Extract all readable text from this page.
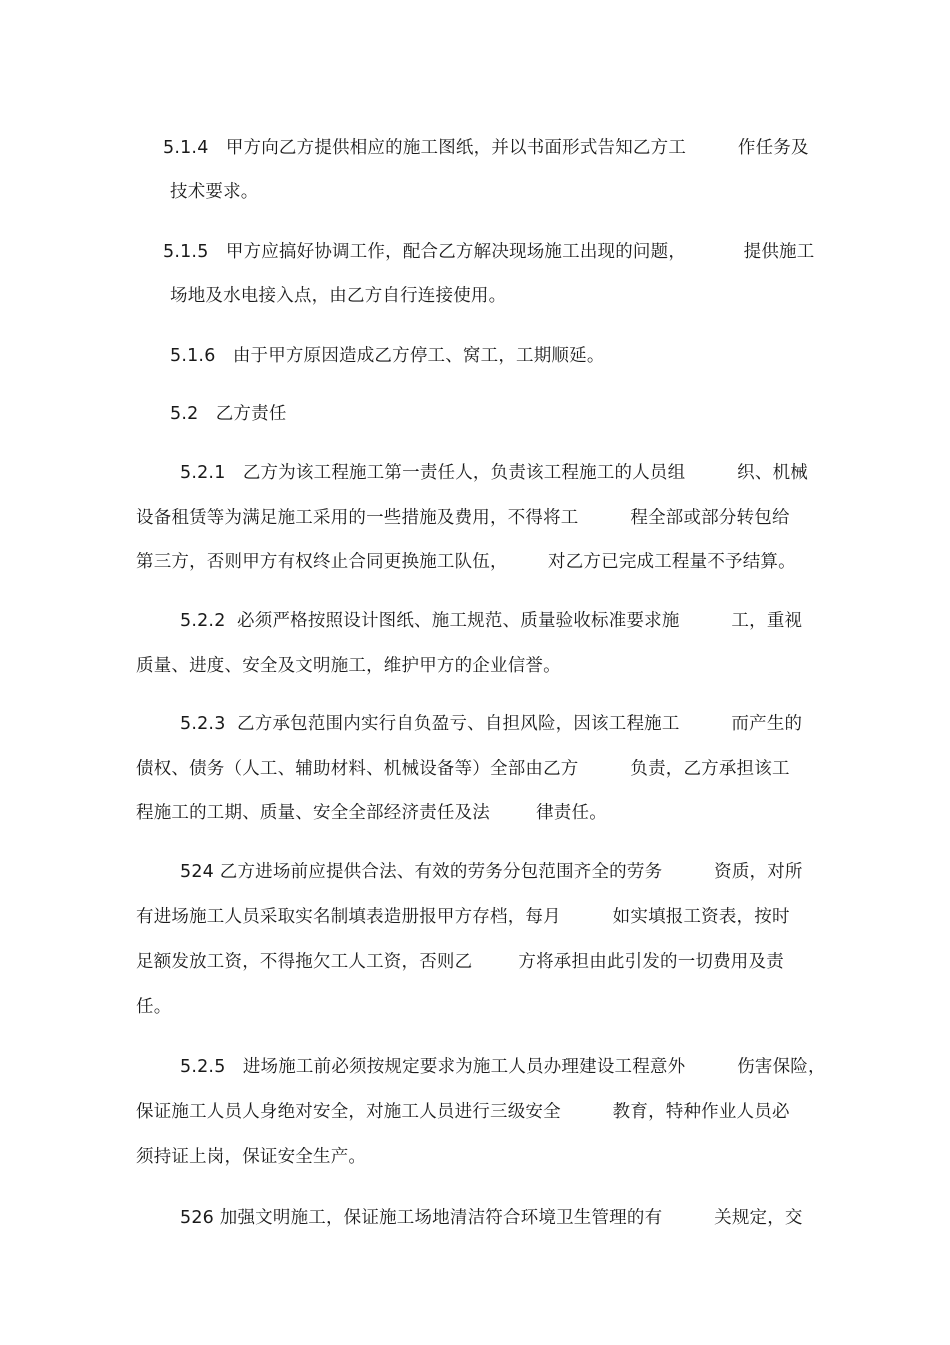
5.1.4   甲方向乙方提供相应的施工图纸，并以书面形式告知乙方工         作任务及
技术要求。
5.1.5   甲方应搞好协调工作，配合乙方解决现场施工出现的问题，          提供施工
场地及水电接入点，由乙方自行连接使用。
5.1.6   由于甲方原因造成乙方停工、窝工，工期顺延。
5.2   乙方责任
5.2.1   乙方为该工程施工第一责任人，负责该工程施工的人员组         织、机械
设备租赁等为满足施工采用的一些措施及费用，不得将工         程全部或部分转包给
第三方，否则甲方有权终止合同更换施工队伍，       对乙方已完成工程量不予结算。
5.2.2  必须严格按照设计图纸、施工规范、质量验收标准要求施         工，重视
质量、进度、安全及文明施工，维护甲方的企业信誉。
5.2.3  乙方承包范围内实行自负盈亏、自担风险，因该工程施工         而产生的
债权、债务（人工、辅助材料、机械设备等）全部由乙方         负责，乙方承担该工
程施工的工期、质量、安全全部经济责任及法        律责任。
524 乙方进场前应提供合法、有效的劳务分包范围齐全的劳务         资质，对所
有进场施工人员采取实名制填表造册报甲方存档，每月         如实填报工资表，按时
足额发放工资，不得拖欠工人工资，否则乙        方将承担由此引发的一切费用及责
任。
5.2.5   进场施工前必须按规定要求为施工人员办理建设工程意外         伤害保险，
保证施工人员人身绝对安全，对施工人员进行三级安全         教育，特种作业人员必
须持证上岗，保证安全生产。
526 加强文明施工，保证施工场地清洁符合环境卫生管理的有         关规定，交
